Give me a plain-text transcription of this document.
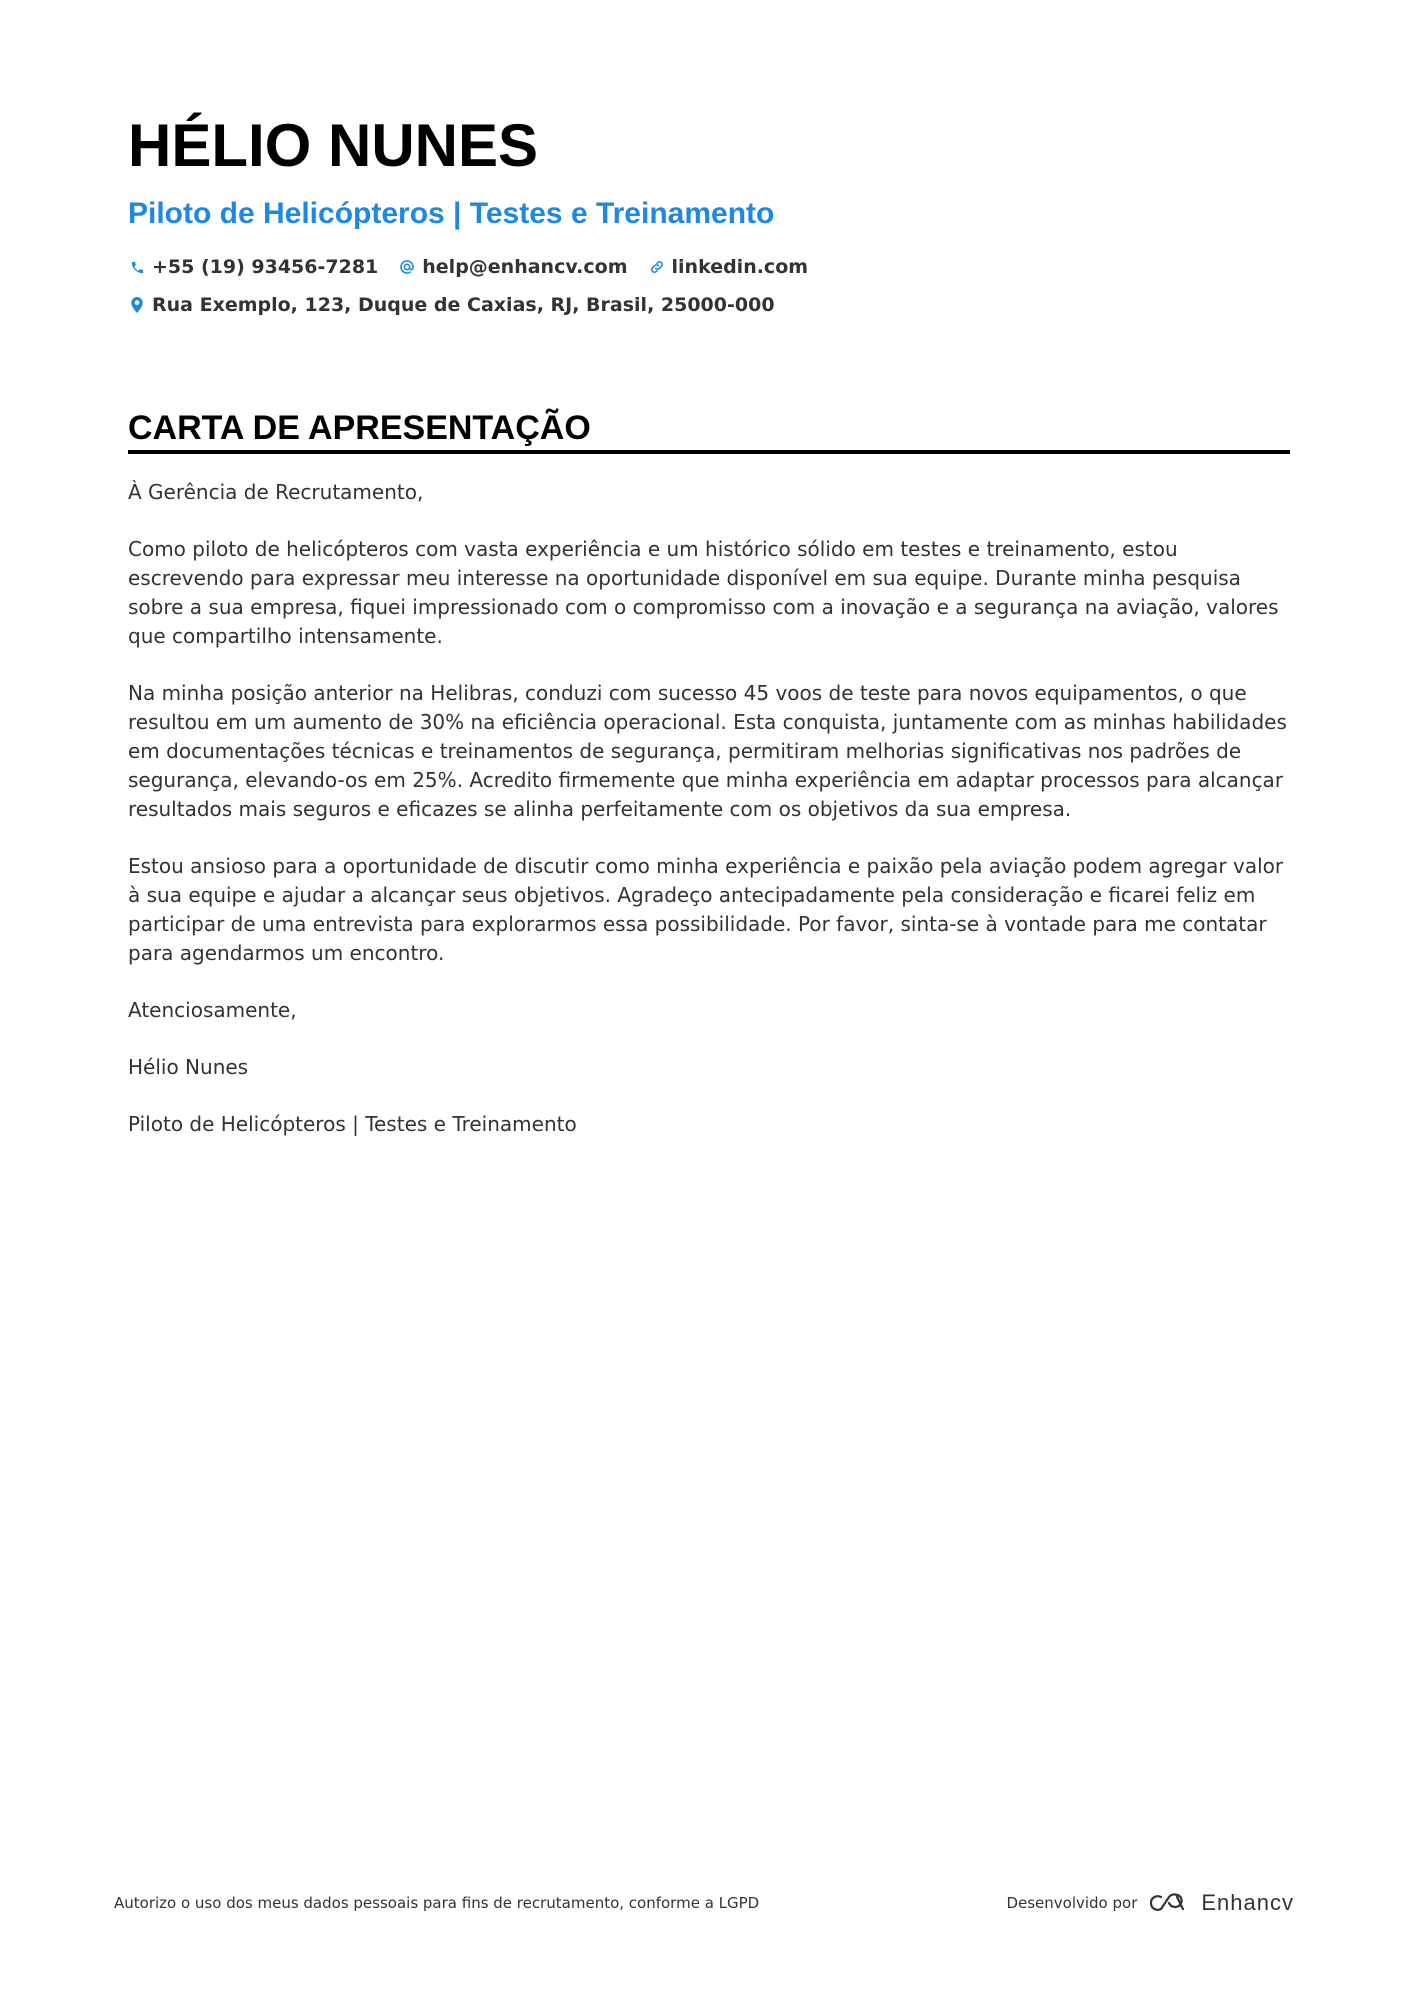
HÉLIO NUNES
Piloto de Helicópteros | Testes e Treinamento
+55 (19) 93456-7281 help@enhancv.com linkedin.com
Rua Exemplo, 123, Duque de Caxias, RJ, Brasil, 25000-000
CARTA DE APRESENTAÇÃO

À Gerência de Recrutamento,

Como piloto de helicópteros com vasta experiência e um histórico sólido em testes e treinamento, estou escrevendo para expressar meu interesse na oportunidade disponível em sua equipe. Durante minha pesquisa sobre a sua empresa, fiquei impressionado com o compromisso com a inovação e a segurança na aviação, valores que compartilho intensamente.

Na minha posição anterior na Helibras, conduzi com sucesso 45 voos de teste para novos equipamentos, o que resultou em um aumento de 30% na eficiência operacional. Esta conquista, juntamente com as minhas habilidades em documentações técnicas e treinamentos de segurança, permitiram melhorias significativas nos padrões de segurança, elevando-os em 25%. Acredito firmemente que minha experiência em adaptar processos para alcançar resultados mais seguros e eficazes se alinha perfeitamente com os objetivos da sua empresa.

Estou ansioso para a oportunidade de discutir como minha experiência e paixão pela aviação podem agregar valor à sua equipe e ajudar a alcançar seus objetivos. Agradeço antecipadamente pela consideração e ficarei feliz em participar de uma entrevista para explorarmos essa possibilidade. Por favor, sinta-se à vontade para me contatar para agendarmos um encontro.

Atenciosamente,

Hélio Nunes

Piloto de Helicópteros | Testes e Treinamento

Autorizo o uso dos meus dados pessoais para fins de recrutamento, conforme a LGPD	Desenvolvido por	Enhancv
